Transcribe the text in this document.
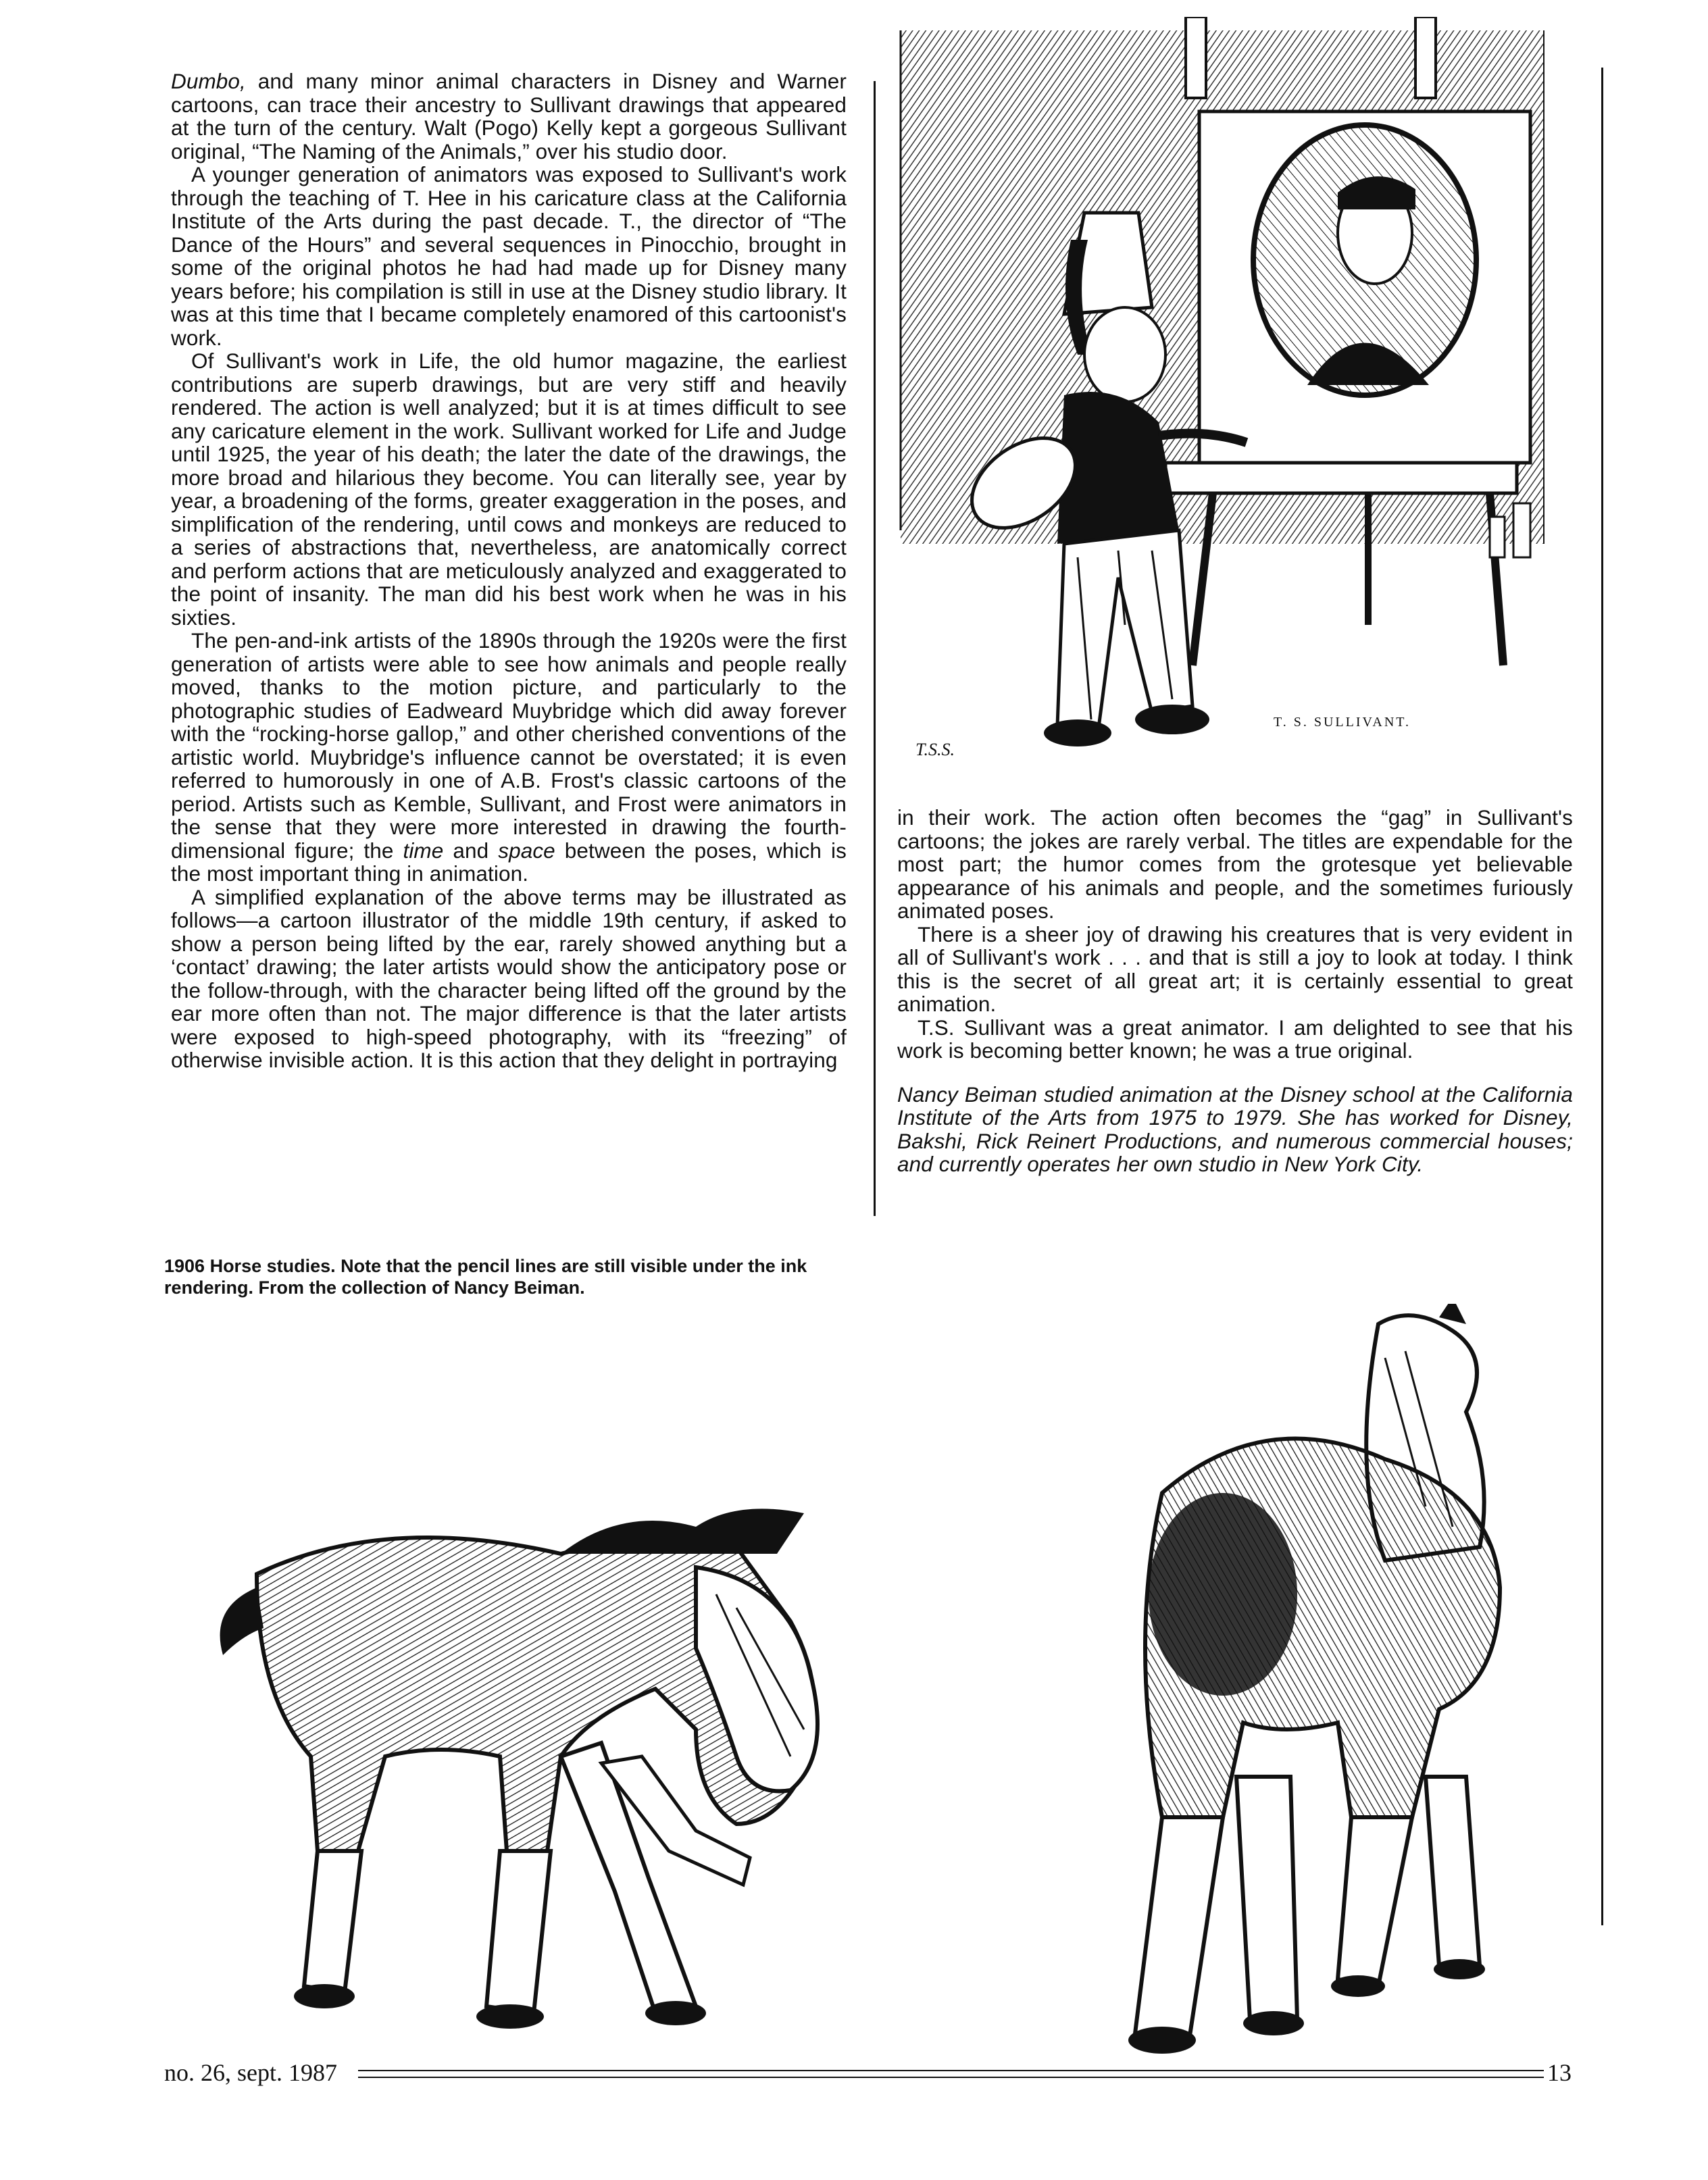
Dumbo, and many minor animal characters in Disney and Warner cartoons, can trace their ancestry to Sullivant drawings that appeared at the turn of the century. Walt (Pogo) Kelly kept a gorgeous Sullivant original, “The Naming of the Animals,” over his studio door.

A younger generation of animators was exposed to Sullivant's work through the teaching of T. Hee in his caricature class at the California Institute of the Arts during the past decade. T., the director of “The Dance of the Hours” and several sequences in Pinocchio, brought in some of the original photos he had had made up for Disney many years before; his compilation is still in use at the Disney studio library. It was at this time that I became completely enamored of this cartoonist's work.

Of Sullivant's work in Life, the old humor magazine, the earliest contributions are superb drawings, but are very stiff and heavily rendered. The action is well analyzed; but it is at times difficult to see any caricature element in the work. Sullivant worked for Life and Judge until 1925, the year of his death; the later the date of the drawings, the more broad and hilarious they become. You can literally see, year by year, a broadening of the forms, greater exaggeration in the poses, and simplification of the rendering, until cows and monkeys are reduced to a series of abstractions that, nevertheless, are anatomically correct and perform actions that are meticulously analyzed and exaggerated to the point of insanity. The man did his best work when he was in his sixties.

The pen-and-ink artists of the 1890s through the 1920s were the first generation of artists were able to see how animals and people really moved, thanks to the motion picture, and particularly to the photographic studies of Eadweard Muybridge which did away forever with the “rocking-horse gallop,” and other cherished conventions of the artistic world. Muybridge's influence cannot be overstated; it is even referred to humorously in one of A.B. Frost's classic cartoons of the period. Artists such as Kemble, Sullivant, and Frost were animators in the sense that they were more interested in drawing the fourth-dimensional figure; the time and space between the poses, which is the most important thing in animation.

A simplified explanation of the above terms may be illustrated as follows—a cartoon illustrator of the middle 19th century, if asked to show a person being lifted by the ear, rarely showed anything but a ‘contact’ drawing; the later artists would show the anticipatory pose or the follow-through, with the character being lifted off the ground by the ear more often than not. The major difference is that the later artists were exposed to high-speed photography, with its “freezing” of otherwise invisible action. It is this action that they delight in portraying

T.S.S.
T. S. SULLIVANT.

in their work. The action often becomes the “gag” in Sullivant's cartoons; the jokes are rarely verbal. The titles are expendable for the most part; the humor comes from the grotesque yet believable appearance of his animals and people, and the sometimes furiously animated poses.

There is a sheer joy of drawing his creatures that is very evident in all of Sullivant's work . . . and that is still a joy to look at today. I think this is the secret of all great art; it is certainly essential to great animation.

T.S. Sullivant was a great animator. I am delighted to see that his work is becoming better known; he was a true original.

Nancy Beiman studied animation at the Disney school at the California Institute of the Arts from 1975 to 1979. She has worked for Disney, Bakshi, Rick Reinert Productions, and numerous commercial houses; and currently operates her own studio in New York City.

1906 Horse studies. Note that the pencil lines are still visible under the ink rendering. From the collection of Nancy Beiman.
no. 26, sept. 1987	13
